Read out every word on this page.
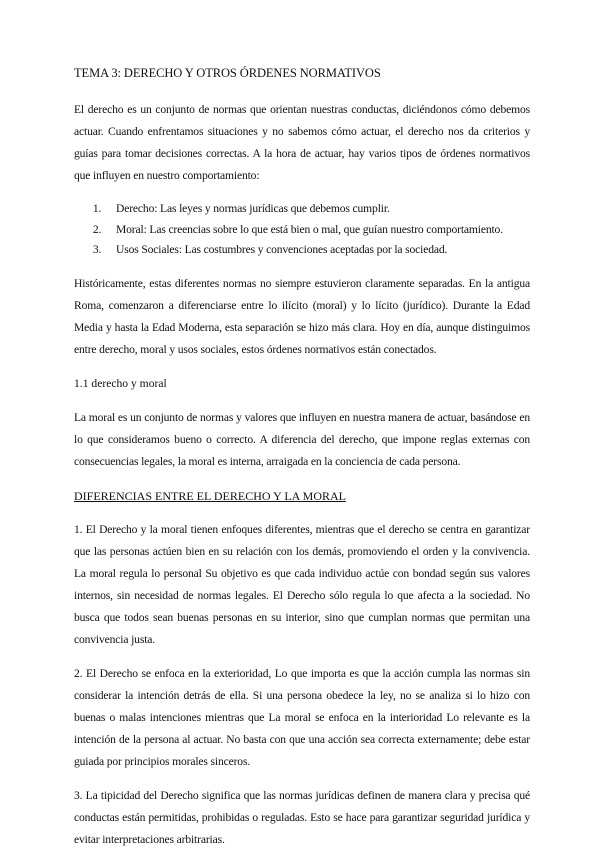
TEMA 3: DERECHO Y OTROS ÓRDENES NORMATIVOS

El derecho es un conjunto de normas que orientan nuestras conductas, diciéndonos cómo debemos actuar. Cuando enfrentamos situaciones y no sabemos cómo actuar, el derecho nos da criterios y guías para tomar decisiones correctas. A la hora de actuar, hay varios tipos de órdenes normativos que influyen en nuestro comportamiento:

1. Derecho: Las leyes y normas jurídicas que debemos cumplir.
2. Moral: Las creencias sobre lo que está bien o mal, que guían nuestro comportamiento.
3. Usos Sociales: Las costumbres y convenciones aceptadas por la sociedad.

Históricamente, estas diferentes normas no siempre estuvieron claramente separadas. En la antigua Roma, comenzaron a diferenciarse entre lo ilícito (moral) y lo lícito (jurídico). Durante la Edad Media y hasta la Edad Moderna, esta separación se hizo más clara. Hoy en día, aunque distinguimos entre derecho, moral y usos sociales, estos órdenes normativos están conectados.

1.1 derecho y moral

La moral es un conjunto de normas y valores que influyen en nuestra manera de actuar, basándose en lo que consideramos bueno o correcto. A diferencia del derecho, que impone reglas externas con consecuencias legales, la moral es interna, arraigada en la conciencia de cada persona.

DIFERENCIAS ENTRE EL DERECHO Y LA MORAL

1. El Derecho y la moral tienen enfoques diferentes, mientras que el derecho se centra en garantizar que las personas actúen bien en su relación con los demás, promoviendo el orden y la convivencia. La moral regula lo personal Su objetivo es que cada individuo actúe con bondad según sus valores internos, sin necesidad de normas legales. El Derecho sólo regula lo que afecta a la sociedad. No busca que todos sean buenas personas en su interior, sino que cumplan normas que permitan una convivencia justa.

2. El Derecho se enfoca en la exterioridad, Lo que importa es que la acción cumpla las normas sin considerar la intención detrás de ella. Si una persona obedece la ley, no se analiza si lo hizo con buenas o malas intenciones mientras que La moral se enfoca en la interioridad Lo relevante es la intención de la persona al actuar. No basta con que una acción sea correcta externamente; debe estar guiada por principios morales sinceros.

3. La tipicidad del Derecho significa que las normas jurídicas definen de manera clara y precisa qué conductas están permitidas, prohibidas o reguladas. Esto se hace para garantizar seguridad jurídica y evitar interpretaciones arbitrarias.
